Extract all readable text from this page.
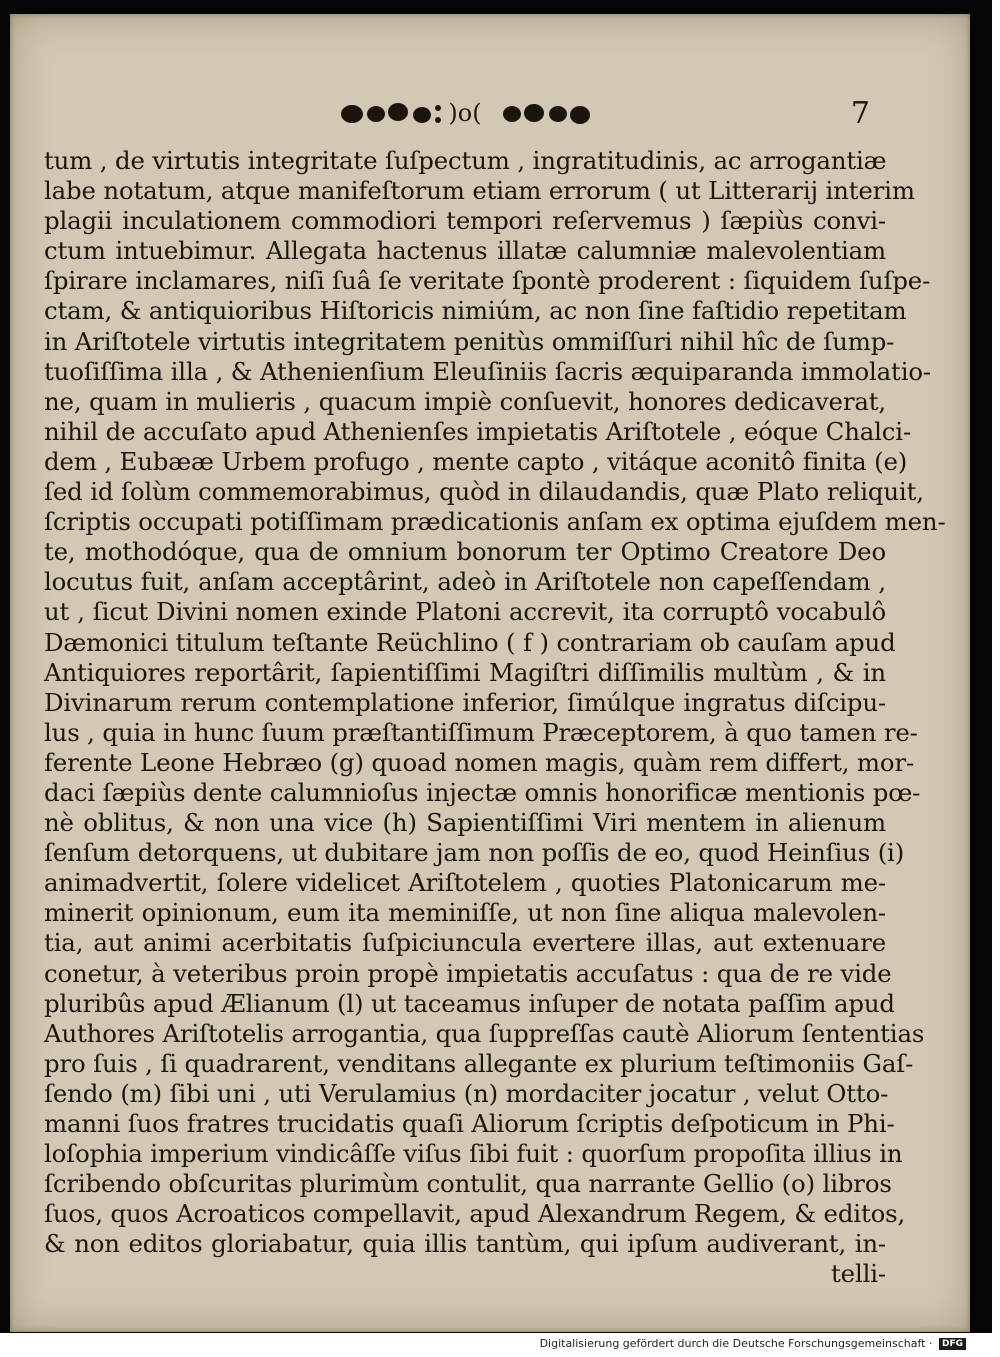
)o(	7
tum , de virtutis integritate ſuſpectum , ingratitudinis, ac arrogantiæ
labe notatum, atque manifeſtorum etiam errorum ( ut Litterarij interim
plagii inculationem commodiori tempori reſervemus ) ſæpiùs convi-
ctum intuebimur. Allegata hactenus illatæ calumniæ malevolentiam
ſpirare inclamares, niſi ſuâ ſe veritate ſpontè proderent : ſiquidem ſuſpe-
ctam, & antiquioribus Hiſtoricis nimiúm, ac non ſine faſtidio repetitam
in Ariſtotele virtutis integritatem penitùs ommiſſuri nihil hîc de ſump-
tuoſiſſima illa , & Athenienſium Eleuſiniis ſacris æquiparanda immolatio-
ne, quam in mulieris , quacum impiè conſuevit, honores dedicaverat,
nihil de accuſato apud Athenienſes impietatis Ariſtotele , eóque Chalci-
dem , Eubææ Urbem profugo , mente capto , vitáque aconitô finita (e)
ſed id ſolùm commemorabimus, quòd in dilaudandis, quæ Plato reliquit,
ſcriptis occupati potiſſimam prædicationis anſam ex optima ejuſdem men-
te, mothodóque, qua de omnium bonorum ter Optimo Creatore Deo
locutus fuit, anſam acceptârint, adeò in Ariſtotele non capeſſendam ,
ut , ſicut Divini nomen exinde Platoni accrevit, ita corruptô vocabulô
Dæmonici titulum teſtante Reüchlino ( f ) contrariam ob cauſam apud
Antiquiores reportârit, ſapientiſſimi Magiſtri diſſimilis multùm , & in
Divinarum rerum contemplatione inferior, ſimúlque ingratus diſcipu-
lus , quia in hunc ſuum præſtantiſſimum Præceptorem, à quo tamen re-
ferente Leone Hebræo (g) quoad nomen magis, quàm rem differt, mor-
daci ſæpiùs dente calumnioſus injectæ omnis honorificæ mentionis pœ-
nè oblitus, & non una vice (h) Sapientiſſimi Viri mentem in alienum
ſenſum detorquens, ut dubitare jam non poſſis de eo, quod Heinſius (i)
animadvertit, ſolere videlicet Ariſtotelem , quoties Platonicarum me-
minerit opinionum, eum ita meminiſſe, ut non ſine aliqua malevolen-
tia, aut animi acerbitatis ſuſpiciuncula evertere illas, aut extenuare
conetur, à veteribus proin propè impietatis accuſatus : qua de re vide
pluribûs apud Ælianum (l) ut taceamus inſuper de notata paſſim apud
Authores Ariſtotelis arrogantia, qua ſuppreſſas cautè Aliorum ſententias
pro ſuis , ſi quadrarent, venditans allegante ex plurium teſtimoniis Gaſ-
ſendo (m) ſibi uni , uti Verulamius (n) mordaciter jocatur , velut Otto-
manni ſuos fratres trucidatis quaſi Aliorum ſcriptis deſpoticum in Phi-
loſophia imperium vindicâſſe viſus ſibi fuit : quorſum propoſita illius in
ſcribendo obſcuritas plurimùm contulit, qua narrante Gellio (o) libros
ſuos, quos Acroaticos compellavit, apud Alexandrum Regem, & editos,
& non editos gloriabatur, quia illis tantùm, qui ipſum audiverant, in-
telli-
Digitalisierung gefördert durch die Deutsche Forschungsgemeinschaft · DFG
